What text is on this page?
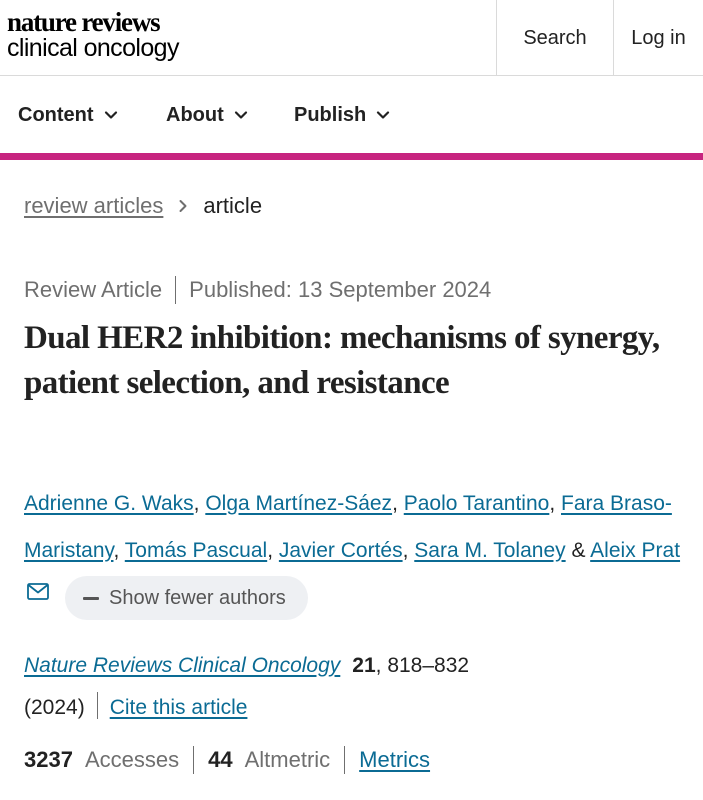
nature reviews
clinical oncology	Search	Log in
Content	About	Publish
review articles article
Review Article Published: 13 September 2024
Dual HER2 inhibition: mechanisms of synergy, patient selection, and resistance
Adrienne G. Waks, Olga Martínez-Sáez, Paolo Tarantino, Fara Braso-Maristany, Tomás Pascual, Javier Cortés, Sara M. Tolaney & Aleix Prat
Show fewer authors
Nature Reviews Clinical Oncology 21, 818–832
(2024) Cite this article
3237 Accesses 44 Altmetric Metrics
